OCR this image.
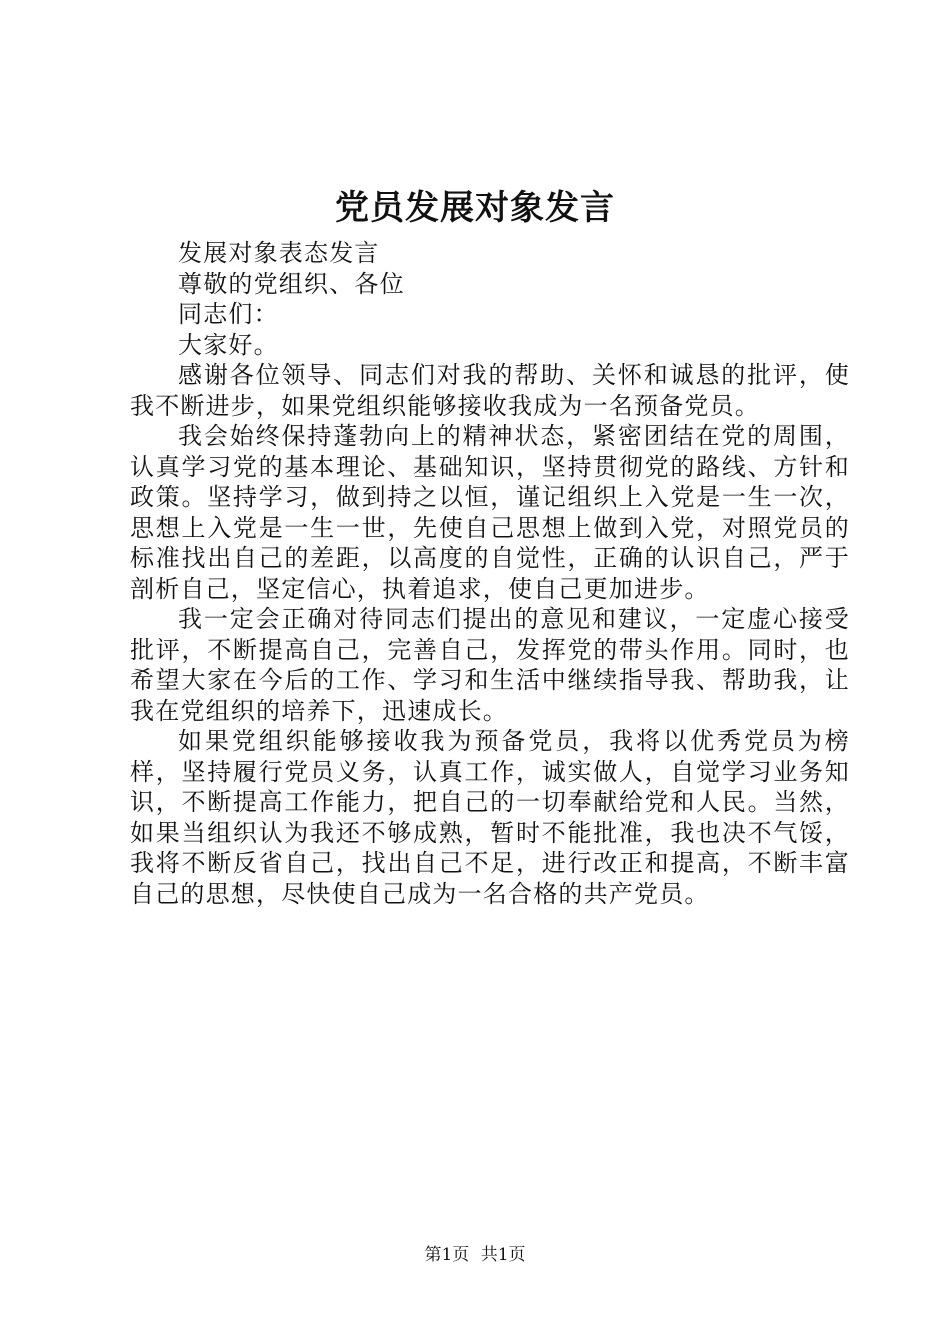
党员发展对象发言

发展对象表态发言

尊敬的党组织、各位

同志们：

大家好。

感谢各位领导、同志们对我的帮助、关怀和诚恳的批评，使我不断进步，如果党组织能够接收我成为一名预备党员。

我会始终保持蓬勃向上的精神状态，紧密团结在党的周围，认真学习党的基本理论、基础知识，坚持贯彻党的路线、方针和政策。坚持学习，做到持之以恒，谨记组织上入党是一生一次，思想上入党是一生一世，先使自己思想上做到入党，对照党员的标准找出自己的差距，以高度的自觉性，正确的认识自己，严于剖析自己，坚定信心，执着追求，使自己更加进步。

我一定会正确对待同志们提出的意见和建议，一定虚心接受批评，不断提高自己，完善自己，发挥党的带头作用。同时，也希望大家在今后的工作、学习和生活中继续指导我、帮助我，让我在党组织的培养下，迅速成长。

如果党组织能够接收我为预备党员，我将以优秀党员为榜样，坚持履行党员义务，认真工作，诚实做人，自觉学习业务知识，不断提高工作能力，把自己的一切奉献给党和人民。当然，如果当组织认为我还不够成熟，暂时不能批准，我也决不气馁，我将不断反省自己，找出自己不足，进行改正和提高，不断丰富自己的思想，尽快使自己成为一名合格的共产党员。

第1页 共1页
